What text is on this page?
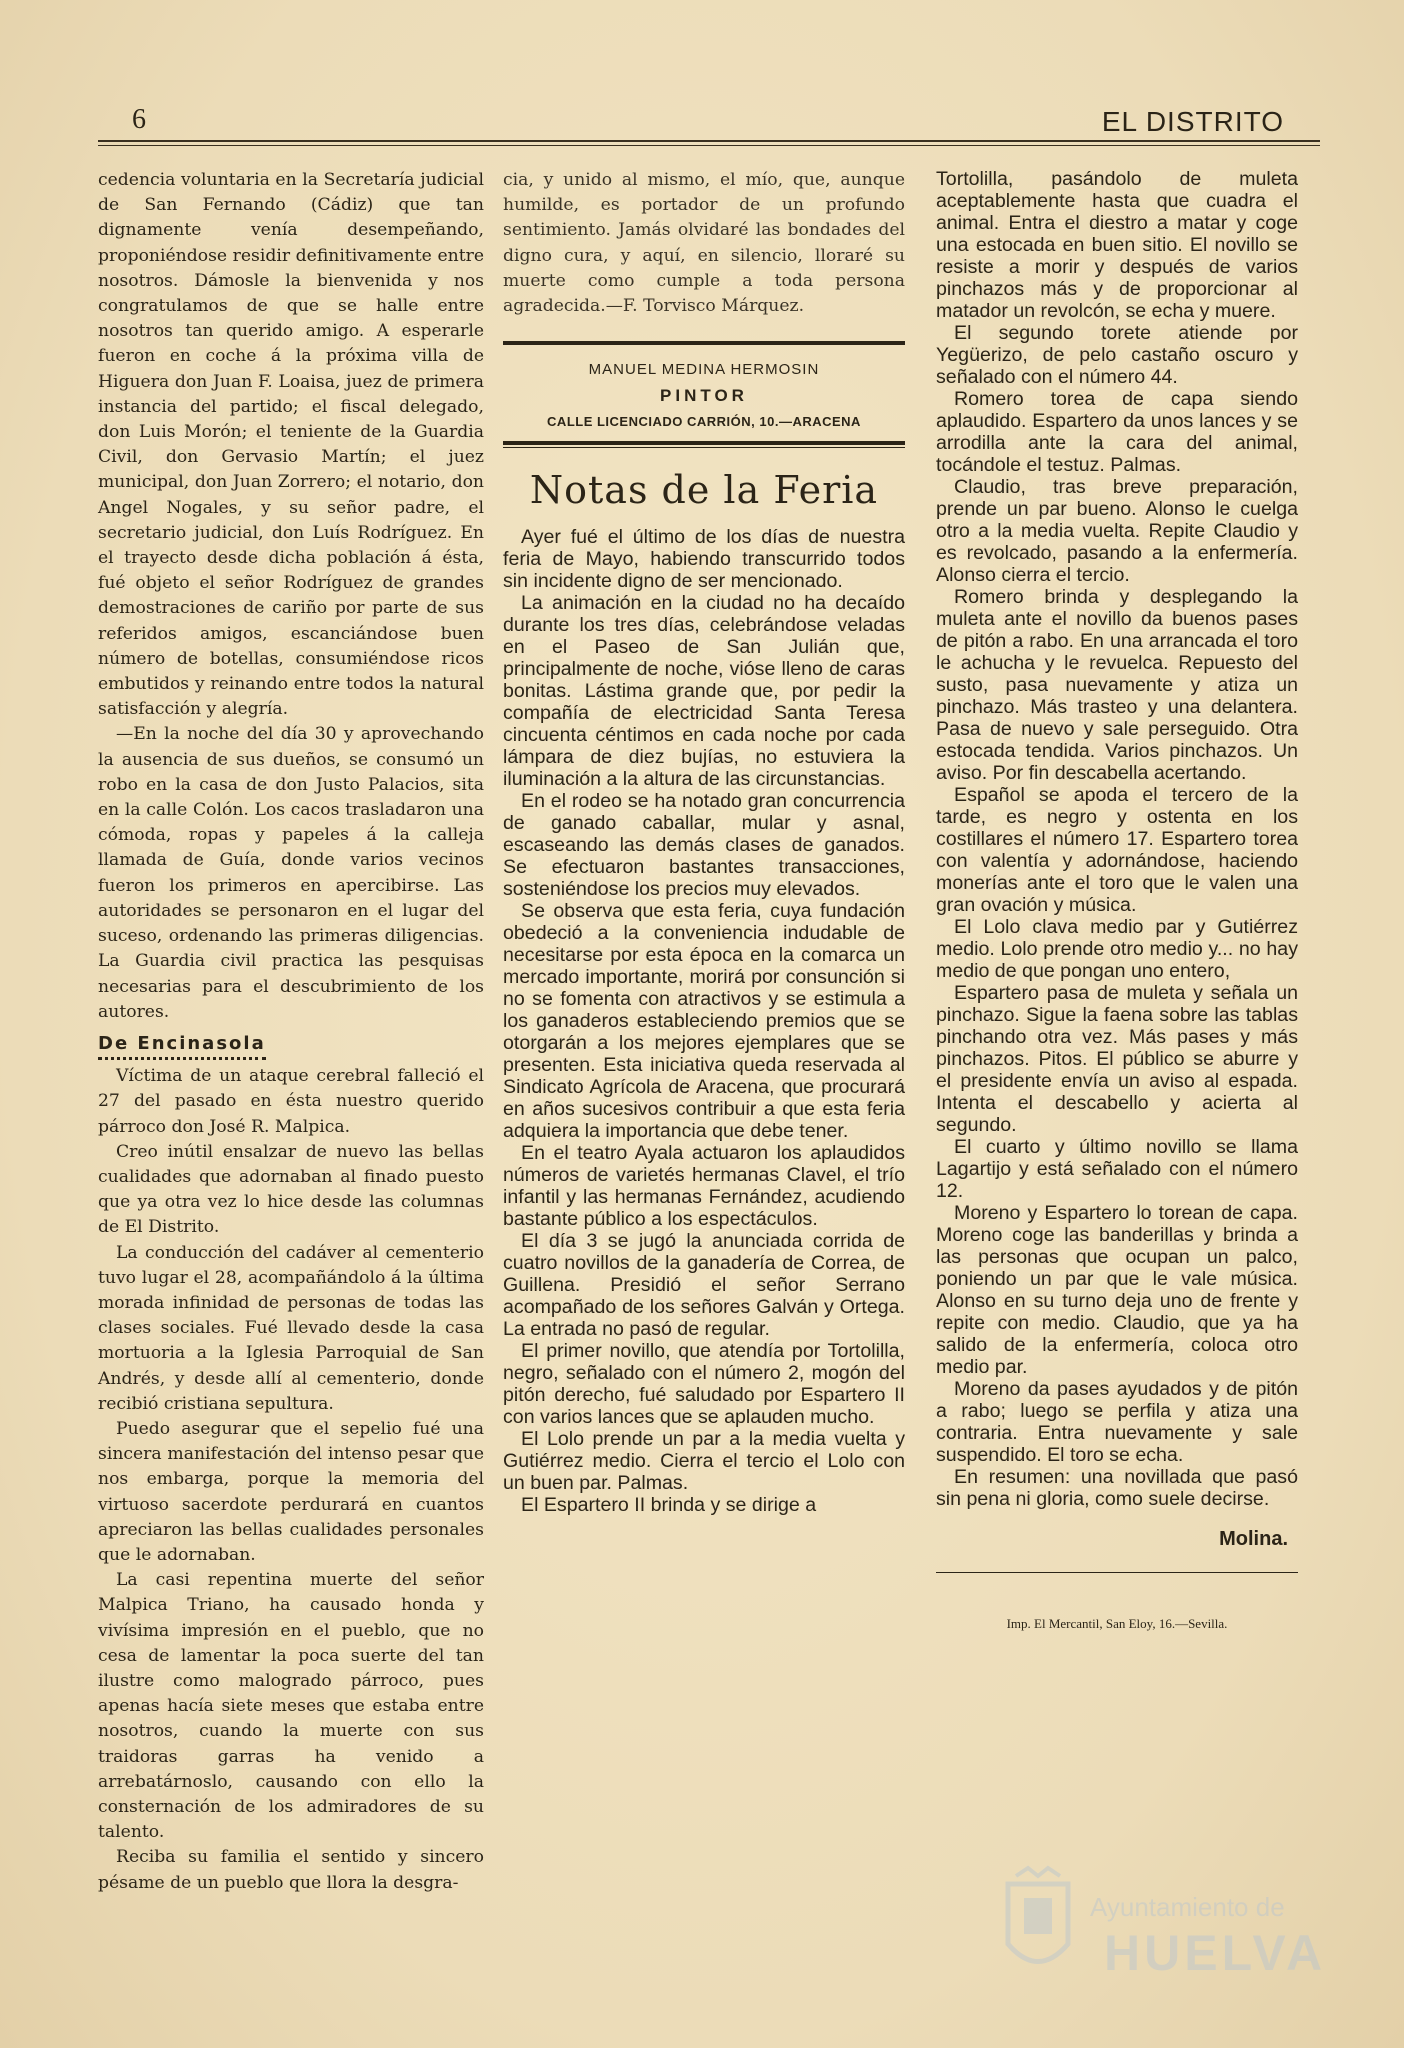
6	EL DISTRITO

cedencia voluntaria en la Secretaría judicial de San Fernando (Cádiz) que tan dignamente venía desempeñando, proponiéndose residir definitivamente entre nosotros. Dámosle la bienvenida y nos congratulamos de que se halle entre nosotros tan querido amigo. A esperarle fueron en coche á la próxima villa de Higuera don Juan F. Loaisa, juez de primera instancia del partido; el fiscal delegado, don Luis Morón; el teniente de la Guardia Civil, don Gervasio Martín; el juez municipal, don Juan Zorrero; el notario, don Angel Nogales, y su señor padre, el secretario judicial, don Luís Rodríguez. En el trayecto desde dicha población á ésta, fué objeto el señor Rodríguez de grandes demostraciones de cariño por parte de sus referidos amigos, escanciándose buen número de botellas, consumiéndose ricos embutidos y reinando entre todos la natural satisfacción y alegría.

—En la noche del día 30 y aprovechando la ausencia de sus dueños, se consumó un robo en la casa de don Justo Palacios, sita en la calle Colón. Los cacos trasladaron una cómoda, ropas y papeles á la calleja llamada de Guía, donde varios vecinos fueron los primeros en apercibirse. Las autoridades se personaron en el lugar del suceso, ordenando las primeras diligencias. La Guardia civil practica las pesquisas necesarias para el descubrimiento de los autores.

De Encinasola

Víctima de un ataque cerebral falleció el 27 del pasado en ésta nuestro querido párroco don José R. Malpica.

Creo inútil ensalzar de nuevo las bellas cualidades que adornaban al finado puesto que ya otra vez lo hice desde las columnas de El Distrito.

La conducción del cadáver al cementerio tuvo lugar el 28, acompañándolo á la última morada infinidad de personas de todas las clases sociales. Fué llevado desde la casa mortuoria a la Iglesia Parroquial de San Andrés, y desde allí al cementerio, donde recibió cristiana sepultura.

Puedo asegurar que el sepelio fué una sincera manifestación del intenso pesar que nos embarga, porque la memoria del virtuoso sacerdote perdurará en cuantos apreciaron las bellas cualidades personales que le adornaban.

La casi repentina muerte del señor Malpica Triano, ha causado honda y vivísima impresión en el pueblo, que no cesa de lamentar la poca suerte del tan ilustre como malogrado párroco, pues apenas hacía siete meses que estaba entre nosotros, cuando la muerte con sus traidoras garras ha venido a arrebatárnoslo, causando con ello la consternación de los admiradores de su talento.

Reciba su familia el sentido y sincero pésame de un pueblo que llora la desgra-

cia, y unido al mismo, el mío, que, aunque humilde, es portador de un profundo sentimiento. Jamás olvidaré las bondades del digno cura, y aquí, en silencio, lloraré su muerte como cumple a toda persona agradecida.—F. Torvisco Márquez.

MANUEL MEDINA HERMOSIN
PINTOR
CALLE LICENCIADO CARRIÓN, 10.—ARACENA
Notas de la Feria

Ayer fué el último de los días de nuestra feria de Mayo, habiendo transcurrido todos sin incidente digno de ser mencionado.

La animación en la ciudad no ha decaído durante los tres días, celebrándose veladas en el Paseo de San Julián que, principalmente de noche, vióse lleno de caras bonitas. Lástima grande que, por pedir la compañía de electricidad Santa Teresa cincuenta céntimos en cada noche por cada lámpara de diez bujías, no estuviera la iluminación a la altura de las circunstancias.

En el rodeo se ha notado gran concurrencia de ganado caballar, mular y asnal, escaseando las demás clases de ganados. Se efectuaron bastantes transacciones, sosteniéndose los precios muy elevados.

Se observa que esta feria, cuya fundación obedeció a la conveniencia indudable de necesitarse por esta época en la comarca un mercado importante, morirá por consunción si no se fomenta con atractivos y se estimula a los ganaderos estableciendo premios que se otorgarán a los mejores ejemplares que se presenten. Esta iniciativa queda reservada al Sindicato Agrícola de Aracena, que procurará en años sucesivos contribuir a que esta feria adquiera la importancia que debe tener.

En el teatro Ayala actuaron los aplaudidos números de varietés hermanas Clavel, el trío infantil y las hermanas Fernández, acudiendo bastante público a los espectáculos.

El día 3 se jugó la anunciada corrida de cuatro novillos de la ganadería de Correa, de Guillena. Presidió el señor Serrano acompañado de los señores Galván y Ortega. La entrada no pasó de regular.

El primer novillo, que atendía por Tortolilla, negro, señalado con el número 2, mogón del pitón derecho, fué saludado por Espartero II con varios lances que se aplauden mucho.

El Lolo prende un par a la media vuelta y Gutiérrez medio. Cierra el tercio el Lolo con un buen par. Palmas.

El Espartero II brinda y se dirige a

Tortolilla, pasándolo de muleta aceptablemente hasta que cuadra el animal. Entra el diestro a matar y coge una estocada en buen sitio. El novillo se resiste a morir y después de varios pinchazos más y de proporcionar al matador un revolcón, se echa y muere.

El segundo torete atiende por Yegüerizo, de pelo castaño oscuro y señalado con el número 44.

Romero torea de capa siendo aplaudido. Espartero da unos lances y se arrodilla ante la cara del animal, tocándole el testuz. Palmas.

Claudio, tras breve preparación, prende un par bueno. Alonso le cuelga otro a la media vuelta. Repite Claudio y es revolcado, pasando a la enfermería. Alonso cierra el tercio.

Romero brinda y desplegando la muleta ante el novillo da buenos pases de pitón a rabo. En una arrancada el toro le achucha y le revuelca. Repuesto del susto, pasa nuevamente y atiza un pinchazo. Más trasteo y una delantera. Pasa de nuevo y sale perseguido. Otra estocada tendida. Varios pinchazos. Un aviso. Por fin descabella acertando.

Español se apoda el tercero de la tarde, es negro y ostenta en los costillares el número 17. Espartero torea con valentía y adornándose, haciendo monerías ante el toro que le valen una gran ovación y música.

El Lolo clava medio par y Gutiérrez medio. Lolo prende otro medio y... no hay medio de que pongan uno entero,

Espartero pasa de muleta y señala un pinchazo. Sigue la faena sobre las tablas pinchando otra vez. Más pases y más pinchazos. Pitos. El público se aburre y el presidente envía un aviso al espada. Intenta el descabello y acierta al segundo.

El cuarto y último novillo se llama Lagartijo y está señalado con el número 12.

Moreno y Espartero lo torean de capa. Moreno coge las banderillas y brinda a las personas que ocupan un palco, poniendo un par que le vale música. Alonso en su turno deja uno de frente y repite con medio. Claudio, que ya ha salido de la enfermería, coloca otro medio par.

Moreno da pases ayudados y de pitón a rabo; luego se perfila y atiza una contraria. Entra nuevamente y sale suspendido. El toro se echa.

En resumen: una novillada que pasó sin pena ni gloria, como suele decirse.

Molina.
Imp. El Mercantil, San Eloy, 16.—Sevilla.
Ayuntamiento de
HUELVA
